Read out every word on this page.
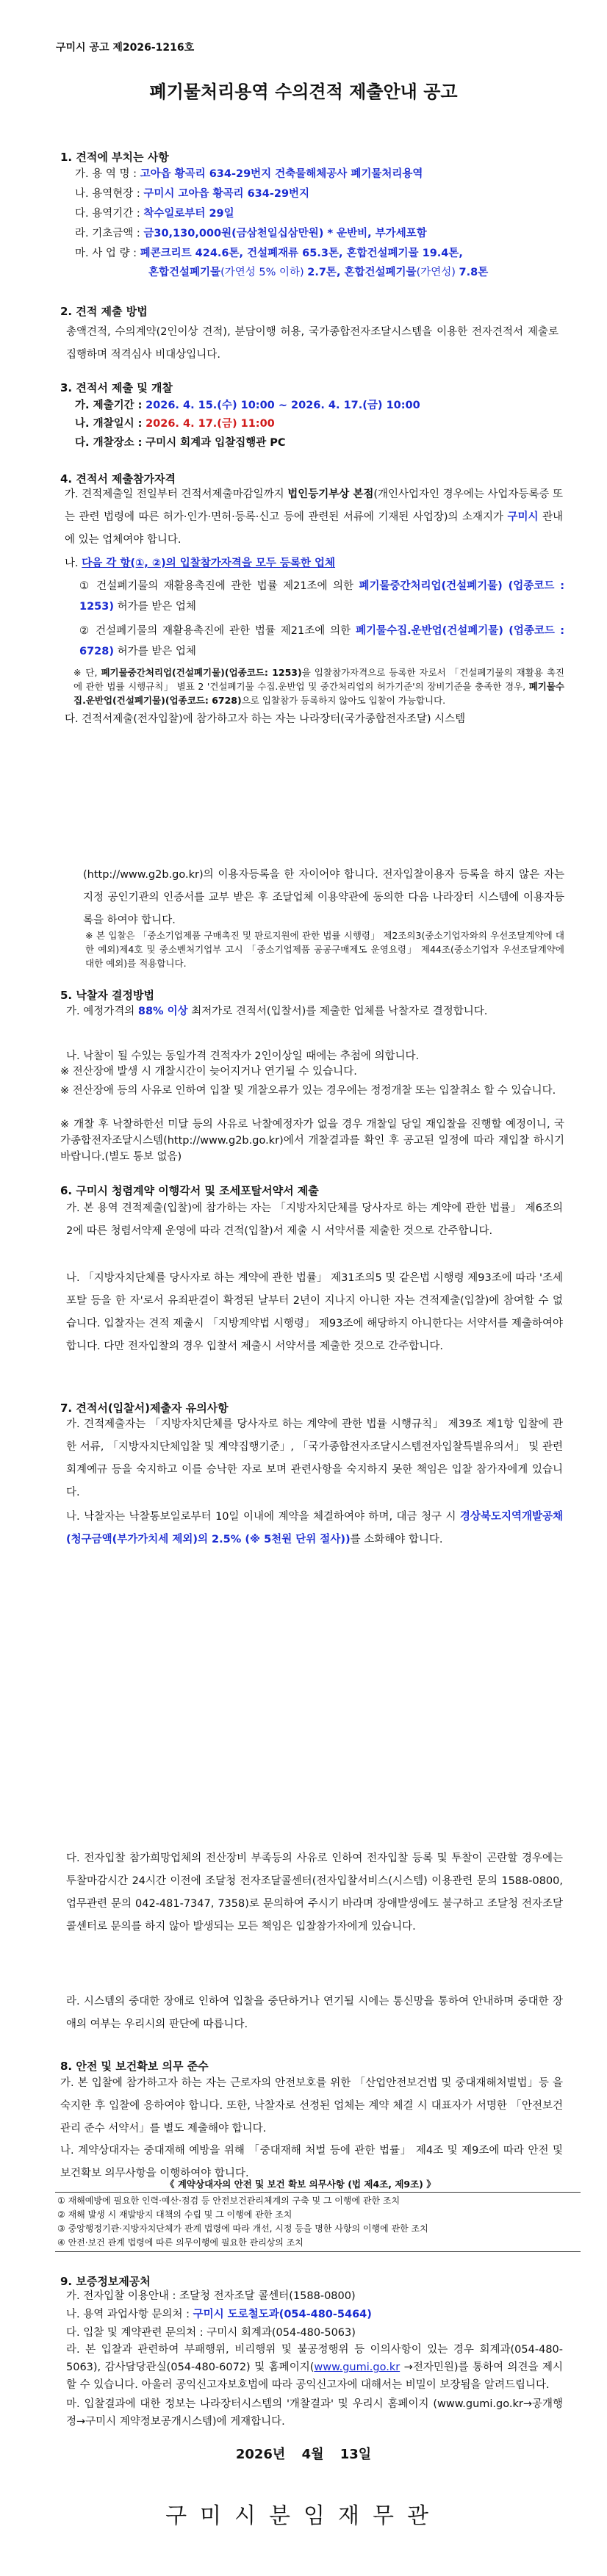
구미시 공고 제2026-1216호
폐기물처리용역 수의견적 제출안내 공고
1. 견적에 부치는 사항
가. 용 역 명 : 고아읍 황곡리 634-29번지 건축물해체공사 폐기물처리용역
나. 용역현장 : 구미시 고아읍 황곡리 634-29번지
다. 용역기간 : 착수일로부터 29일
라. 기초금액 : 금30,130,000원(금삼천일십삼만원) * 운반비, 부가세포함
마. 사 업 량 : 폐콘크리트 424.6톤, 건설폐재류 65.3톤, 혼합건설폐기물 19.4톤,
혼합건설폐기물(가연성 5% 이하) 2.7톤, 혼합건설폐기물(가연성) 7.8톤
2. 견적 제출 방법
총액견적, 수의계약(2인이상 견적), 분담이행 허용, 국가종합전자조달시스템을 이용한 전자견적서 제출로 집행하며 적격심사 비대상입니다.
3. 견적서 제출 및 개찰
가. 제출기간 : 2026. 4. 15.(수) 10:00 ~ 2026. 4. 17.(금) 10:00
나. 개찰일시 : 2026. 4. 17.(금) 11:00
다. 개찰장소 : 구미시 회계과 입찰집행관 PC
4. 견적서 제출참가자격
가. 견적제출일 전일부터 견적서제출마감일까지 법인등기부상 본점(개인사업자인 경우에는 사업자등록증 또는 관련 법령에 따른 허가·인가·면허·등록·신고 등에 관련된 서류에 기재된 사업장)의 소재지가 구미시 관내에 있는 업체여야 합니다.
나. 다음 각 항(①, ②)의 입찰참가자격을 모두 등록한 업체
① 건설폐기물의 재활용촉진에 관한 법률 제21조에 의한 폐기물중간처리업(건설폐기물) (업종코드 : 1253) 허가를 받은 업체
② 건설폐기물의 재활용촉진에 관한 법률 제21조에 의한 폐기물수집.운반업(건설폐기물) (업종코드 : 6728) 허가를 받은 업체
※ 단, 폐기물중간처리업(건설폐기물)(업종코드: 1253)을 입찰참가자격으로 등록한 자로서 「건설폐기물의 재활용 촉진에 관한 법률 시행규칙」 별표 2 '건설폐기물 수집.운반업 및 중간처리업의 허가기준'의 장비기준을 충족한 경우, 폐기물수집.운반업(건설폐기물)(업종코드: 6728)으로 입찰참가 등록하지 않아도 입찰이 가능합니다.
다. 견적서제출(전자입찰)에 참가하고자 하는 자는 나라장터(국가종합전자조달) 시스템
(http://www.g2b.go.kr)의 이용자등록을 한 자이어야 합니다. 전자입찰이용자 등록을 하지 않은 자는 지정 공인기관의 인증서를 교부 받은 후 조달업체 이용약관에 동의한 다음 나라장터 시스템에 이용자등록을 하여야 합니다.
※ 본 입찰은 「중소기업제품 구매촉진 및 판로지원에 관한 법률 시행령」 제2조의3(중소기업자와의 우선조달계약에 대한 예외)제4호 및 중소벤처기업부 고시 「중소기업제품 공공구매제도 운영요령」 제44조(중소기업자 우선조달계약에 대한 예외)를 적용합니다.
5. 낙찰자 결정방법
가. 예정가격의 88% 이상 최저가로 견적서(입찰서)를 제출한 업체를 낙찰자로 결정합니다.
나. 낙찰이 될 수있는 동일가격 견적자가 2인이상일 때에는 추첨에 의합니다.
※ 전산장애 발생 시 개찰시간이 늦어지거나 연기될 수 있습니다.
※ 전산장애 등의 사유로 인하여 입찰 및 개찰오류가 있는 경우에는 정정개찰 또는 입찰취소 할 수 있습니다.
※ 개찰 후 낙찰하한선 미달 등의 사유로 낙찰예정자가 없을 경우 개찰일 당일 재입찰을 진행할 예정이니, 국가종합전자조달시스템(http://www.g2b.go.kr)에서 개찰결과를 확인 후 공고된 일정에 따라 재입찰 하시기 바랍니다.(별도 통보 없음)
6. 구미시 청렴계약 이행각서 및 조세포탈서약서 제출
가. 본 용역 견적제출(입찰)에 참가하는 자는 「지방자치단체를 당사자로 하는 계약에 관한 법률」 제6조의2에 따른 청렴서약제 운영에 따라 견적(입찰)서 제출 시 서약서를 제출한 것으로 간주합니다.
나. 「지방자치단체를 당사자로 하는 계약에 관한 법률」 제31조의5 및 같은법 시행령 제93조에 따라 '조세포탈 등을 한 자'로서 유죄판결이 확정된 날부터 2년이 지나지 아니한 자는 견적제출(입찰)에 참여할 수 없습니다. 입찰자는 견적 제출시 「지방계약법 시행령」 제93조에 해당하지 아니한다는 서약서를 제출하여야 합니다. 다만 전자입찰의 경우 입찰서 제출시 서약서를 제출한 것으로 간주합니다.
7. 견적서(입찰서)제출자 유의사항
가. 견적제출자는 「지방자치단체를 당사자로 하는 계약에 관한 법률 시행규칙」 제39조 제1항 입찰에 관한 서류, 「지방자치단체입찰 및 계약집행기준」, 「국가종합전자조달시스템전자입찰특별유의서」 및 관련 회계예규 등을 숙지하고 이를 승낙한 자로 보며 관련사항을 숙지하지 못한 책임은 입찰 참가자에게 있습니다.
나. 낙찰자는 낙찰통보일로부터 10일 이내에 계약을 체결하여야 하며, 대금 청구 시 경상북도지역개발공채(청구금액(부가가치세 제외)의 2.5% (※ 5천원 단위 절사))를 소화해야 합니다.
다. 전자입찰 참가희망업체의 전산장비 부족등의 사유로 인하여 전자입찰 등록 및 투찰이 곤란할 경우에는 투찰마감시간 24시간 이전에 조달청 전자조달콜센터(전자입찰서비스(시스템) 이용관련 문의 1588-0800, 업무관련 문의 042-481-7347, 7358)로 문의하여 주시기 바라며 장애발생에도 불구하고 조달청 전자조달콜센터로 문의를 하지 않아 발생되는 모든 책임은 입찰참가자에게 있습니다.
라. 시스템의 중대한 장애로 인하여 입찰을 중단하거나 연기될 시에는 통신망을 통하여 안내하며 중대한 장애의 여부는 우리시의 판단에 따릅니다.
8. 안전 및 보건확보 의무 준수
가. 본 입찰에 참가하고자 하는 자는 근로자의 안전보호를 위한 「산업안전보건법 및 중대재해처벌법」등 을 숙지한 후 입찰에 응하여야 합니다. 또한, 낙찰자로 선정된 업체는 계약 체결 시 대표자가 서명한 「안전보건관리 준수 서약서」를 별도 제출해야 합니다.
나. 계약상대자는 중대재해 예방을 위해 「중대재해 처벌 등에 관한 법률」 제4조 및 제9조에 따라 안전 및 보건확보 의무사항을 이행하여야 합니다.
《 계약상대자의 안전 및 보건 확보 의무사항 (법 제4조, 제9조) 》
① 재해예방에 필요한 인력·예산·점검 등 안전보건관리체계의 구축 및 그 이행에 관한 조치
② 재해 발생 시 재발방지 대책의 수립 및 그 이행에 관한 조치
③ 중앙행정기관·지방자치단체가 관계 법령에 따라 개선, 시정 등을 명한 사항의 이행에 관한 조치
④ 안전·보건 관계 법령에 따른 의무이행에 필요한 관리상의 조치
9. 보증정보제공처
가. 전자입찰 이용안내 : 조달청 전자조달 콜센터(1588-0800)
나. 용역 과업사항 문의처 : 구미시 도로철도과(054-480-5464)
다. 입찰 및 계약관련 문의처 : 구미시 회계과(054-480-5063)
라. 본 입찰과 관련하여 부패행위, 비리행위 및 불공정행위 등 이의사항이 있는 경우 회계과(054-480-5063), 감사담당관실(054-480-6072) 및 홈페이지(www.gumi.go.kr →전자민원)를 통하여 의견을 제시할 수 있습니다. 아울러 공익신고자보호법에 따라 공익신고자에 대해서는 비밀이 보장됨을 알려드립니다.
마. 입찰결과에 대한 정보는 나라장터시스템의 '개찰결과' 및 우리시 홈페이지 (www.gumi.go.kr→공개행정→구미시 계약정보공개시스템)에 게재합니다.
2026년 4월 13일
구미시분임재무관
